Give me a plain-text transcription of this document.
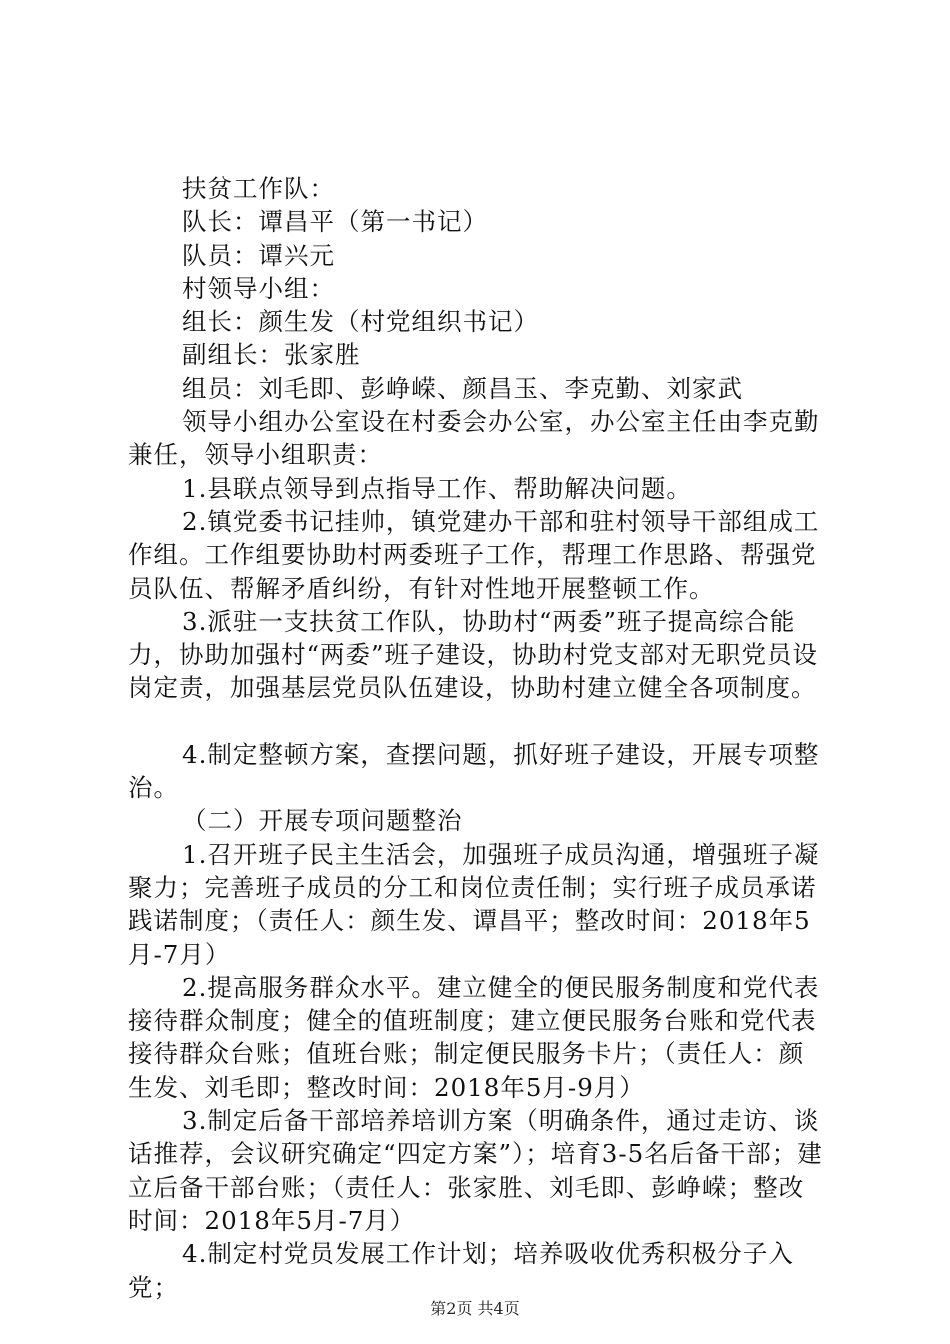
扶贫工作队：

队长：谭昌平（第一书记）

队员：谭兴元

村领导小组：

组长：颜生发（村党组织书记）

副组长：张家胜

组员：刘毛即、彭峥嵘、颜昌玉、李克勤、刘家武

领导小组办公室设在村委会办公室，办公室主任由李克勤兼任，领导小组职责：

1.县联点领导到点指导工作、帮助解决问题。

2.镇党委书记挂帅，镇党建办干部和驻村领导干部组成工作组。工作组要协助村两委班子工作，帮理工作思路、帮强党员队伍、帮解矛盾纠纷，有针对性地开展整顿工作。

3.派驻一支扶贫工作队，协助村“两委”班子提高综合能力，协助加强村“两委”班子建设，协助村党支部对无职党员设岗定责，加强基层党员队伍建设，协助村建立健全各项制度。

4.制定整顿方案，查摆问题，抓好班子建设，开展专项整治。

（二）开展专项问题整治

1.召开班子民主生活会，加强班子成员沟通，增强班子凝聚力；完善班子成员的分工和岗位责任制；实行班子成员承诺践诺制度；（责任人：颜生发、谭昌平；整改时间：2018年5月-7月）

2.提高服务群众水平。建立健全的便民服务制度和党代表接待群众制度；健全的值班制度；建立便民服务台账和党代表接待群众台账；值班台账；制定便民服务卡片；（责任人：颜生发、刘毛即；整改时间：2018年5月-9月）

3.制定后备干部培养培训方案（明确条件，通过走访、谈话推荐，会议研究确定“四定方案”）；培育3-5名后备干部；建立后备干部台账；（责任人：张家胜、刘毛即、彭峥嵘；整改时间：2018年5月-7月）

4.制定村党员发展工作计划；培养吸收优秀积极分子入党；

第2页 共4页
